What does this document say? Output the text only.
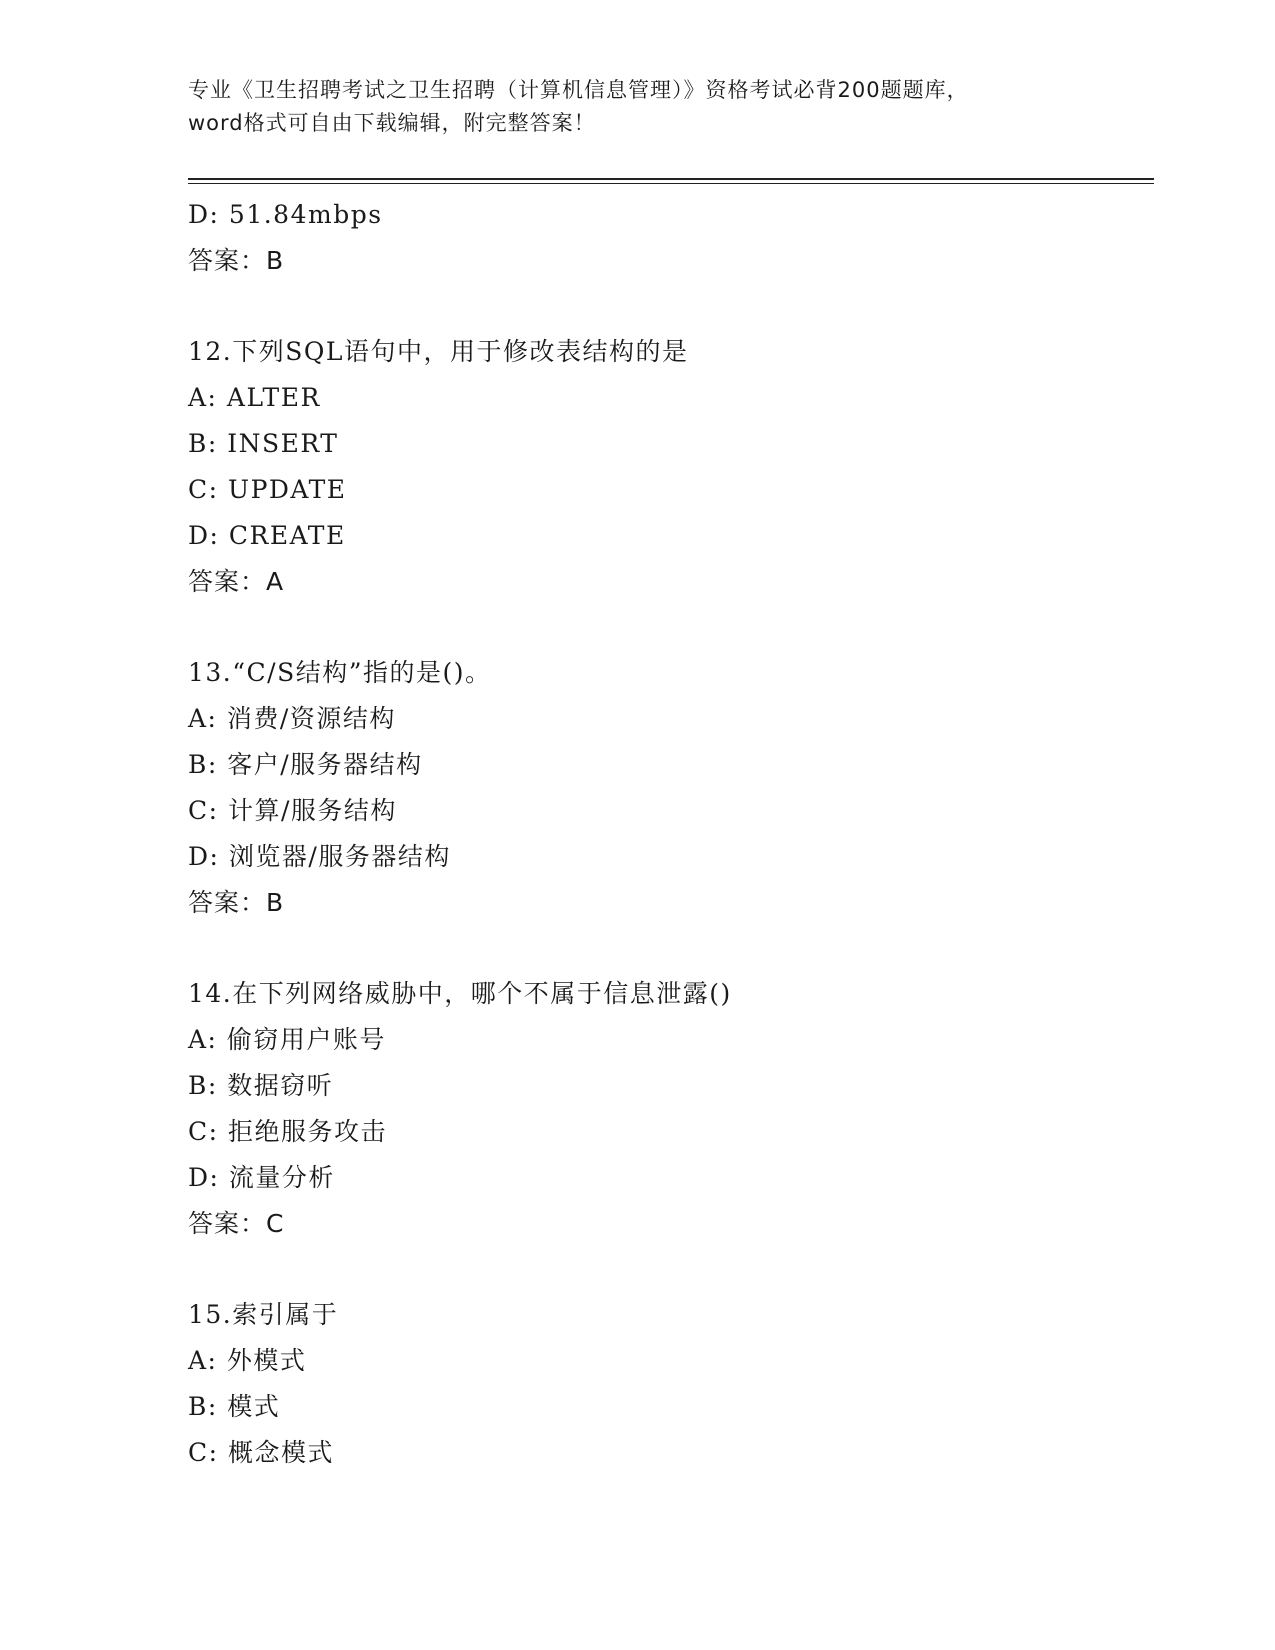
专业《卫生招聘考试之卫生招聘（计算机信息管理）》资格考试必背200题题库，
word格式可自由下载编辑，附完整答案！
D: 51.84mbps
答案：B
12.下列SQL语句中，用于修改表结构的是
A: ALTER
B: INSERT
C: UPDATE
D: CREATE
答案：A
13.“C/S结构”指的是()。
A: 消费/资源结构
B: 客户/服务器结构
C: 计算/服务结构
D: 浏览器/服务器结构
答案：B
14.在下列网络威胁中，哪个不属于信息泄露()
A: 偷窃用户账号
B: 数据窃听
C: 拒绝服务攻击
D: 流量分析
答案：C
15.索引属于
A: 外模式
B: 模式
C: 概念模式
